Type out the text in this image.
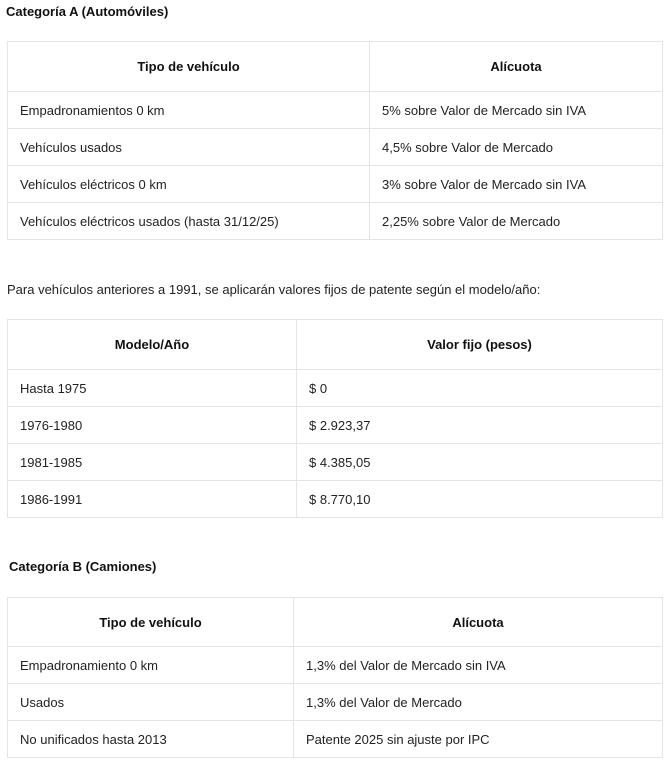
Categoría A (Automóviles)
Tipo de vehículo	Alícuota
Empadronamientos 0 km	5% sobre Valor de Mercado sin IVA
Vehículos usados	4,5% sobre Valor de Mercado
Vehículos eléctricos 0 km	3% sobre Valor de Mercado sin IVA
Vehículos eléctricos usados (hasta 31/12/25)	2,25% sobre Valor de Mercado
Para vehículos anteriores a 1991, se aplicarán valores fijos de patente según el modelo/año:
Modelo/Año	Valor fijo (pesos)
Hasta 1975	$ 0
1976-1980	$ 2.923,37
1981-1985	$ 4.385,05
1986-1991	$ 8.770,10
Categoría B (Camiones)
Tipo de vehículo	Alícuota
Empadronamiento 0 km	1,3% del Valor de Mercado sin IVA
Usados	1,3% del Valor de Mercado
No unificados hasta 2013	Patente 2025 sin ajuste por IPC
